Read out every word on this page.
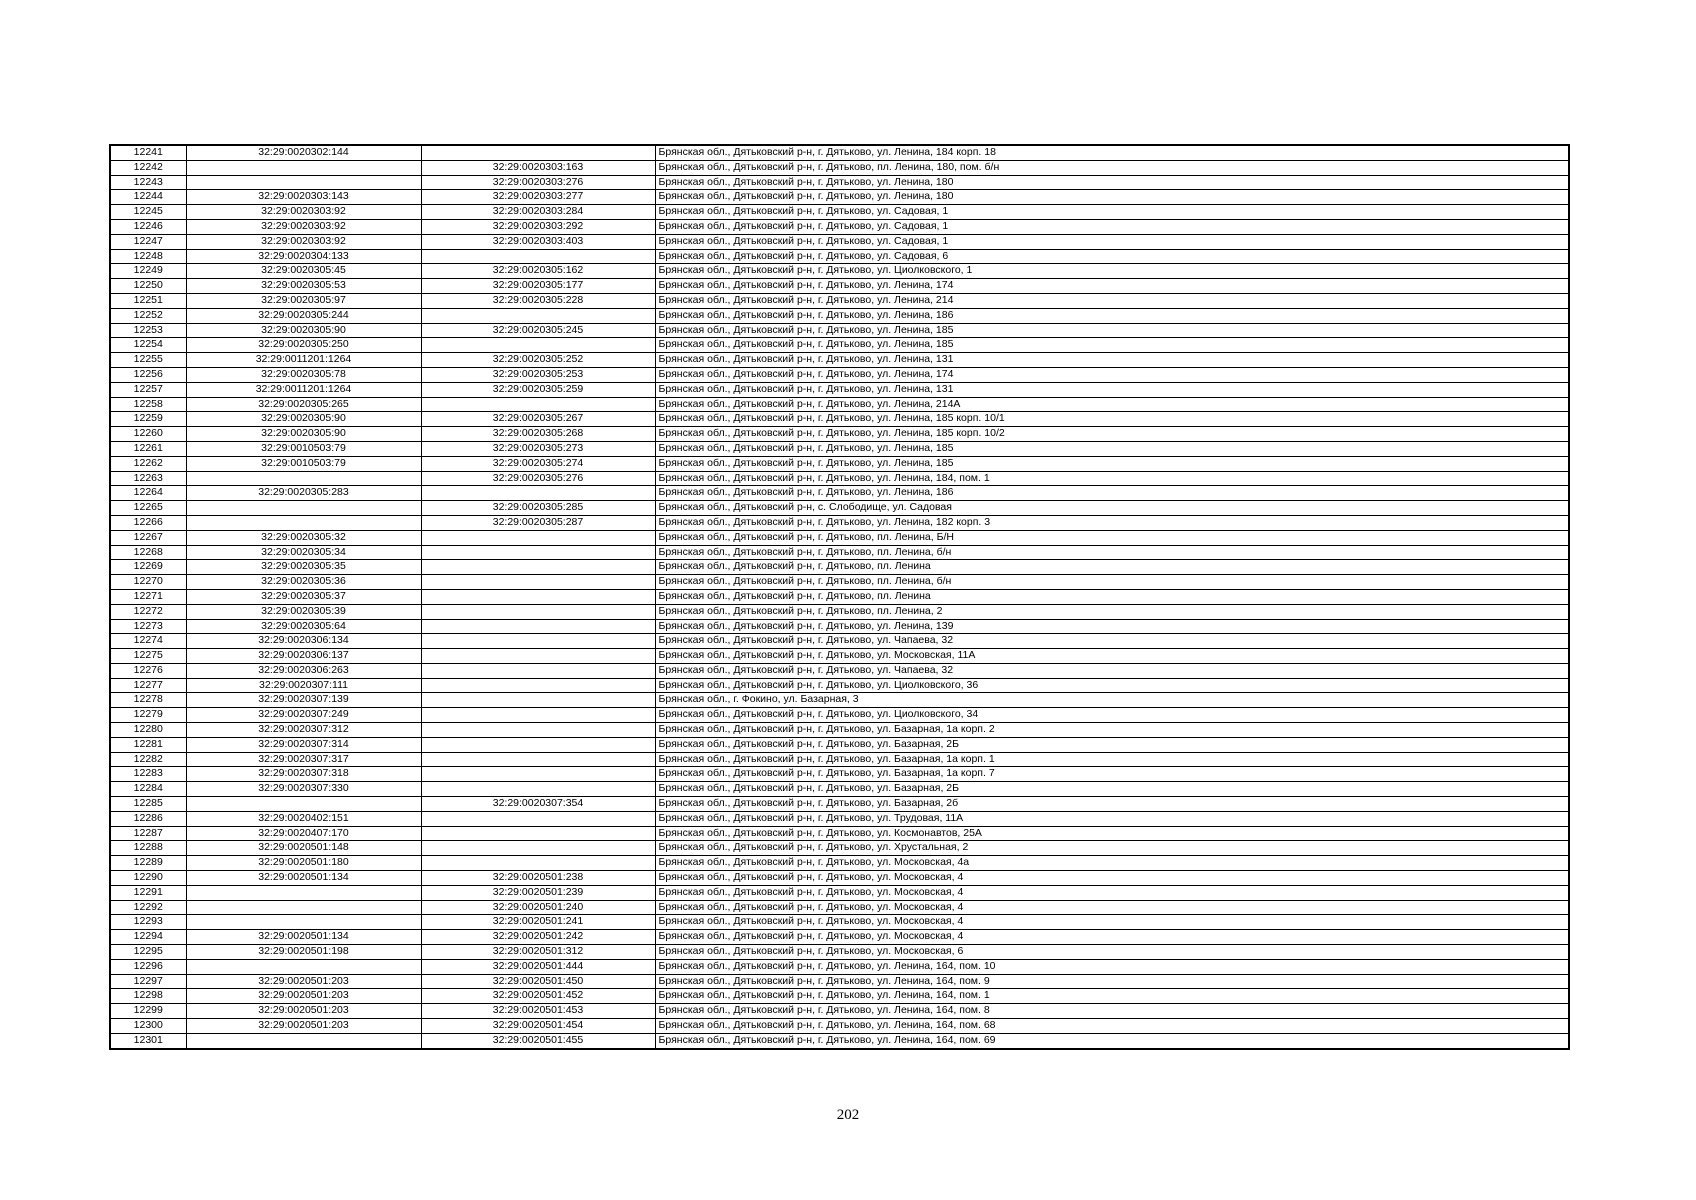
12241	32:29:0020302:144		Брянская обл., Дятьковский р-н, г. Дятьково, ул. Ленина, 184 корп. 18
12242		32:29:0020303:163	Брянская обл., Дятьковский р-н, г. Дятьково, пл. Ленина, 180, пом. б/н
12243		32:29:0020303:276	Брянская обл., Дятьковский р-н, г. Дятьково, ул. Ленина, 180
12244	32:29:0020303:143	32:29:0020303:277	Брянская обл., Дятьковский р-н, г. Дятьково, ул. Ленина, 180
12245	32:29:0020303:92	32:29:0020303:284	Брянская обл., Дятьковский р-н, г. Дятьково, ул. Садовая, 1
12246	32:29:0020303:92	32:29:0020303:292	Брянская обл., Дятьковский р-н, г. Дятьково, ул. Садовая, 1
12247	32:29:0020303:92	32:29:0020303:403	Брянская обл., Дятьковский р-н, г. Дятьково, ул. Садовая, 1
12248	32:29:0020304:133		Брянская обл., Дятьковский р-н, г. Дятьково, ул. Садовая, 6
12249	32:29:0020305:45	32:29:0020305:162	Брянская обл., Дятьковский р-н, г. Дятьково, ул. Циолковского, 1
12250	32:29:0020305:53	32:29:0020305:177	Брянская обл., Дятьковский р-н, г. Дятьково, ул. Ленина, 174
12251	32:29:0020305:97	32:29:0020305:228	Брянская обл., Дятьковский р-н, г. Дятьково, ул. Ленина, 214
12252	32:29:0020305:244		Брянская обл., Дятьковский р-н, г. Дятьково, ул. Ленина, 186
12253	32:29:0020305:90	32:29:0020305:245	Брянская обл., Дятьковский р-н, г. Дятьково, ул. Ленина, 185
12254	32:29:0020305:250		Брянская обл., Дятьковский р-н, г. Дятьково, ул. Ленина, 185
12255	32:29:0011201:1264	32:29:0020305:252	Брянская обл., Дятьковский р-н, г. Дятьково, ул. Ленина, 131
12256	32:29:0020305:78	32:29:0020305:253	Брянская обл., Дятьковский р-н, г. Дятьково, ул. Ленина, 174
12257	32:29:0011201:1264	32:29:0020305:259	Брянская обл., Дятьковский р-н, г. Дятьково, ул. Ленина, 131
12258	32:29:0020305:265		Брянская обл., Дятьковский р-н, г. Дятьково, ул. Ленина, 214А
12259	32:29:0020305:90	32:29:0020305:267	Брянская обл., Дятьковский р-н, г. Дятьково, ул. Ленина, 185 корп. 10/1
12260	32:29:0020305:90	32:29:0020305:268	Брянская обл., Дятьковский р-н, г. Дятьково, ул. Ленина, 185 корп. 10/2
12261	32:29:0010503:79	32:29:0020305:273	Брянская обл., Дятьковский р-н, г. Дятьково, ул. Ленина, 185
12262	32:29:0010503:79	32:29:0020305:274	Брянская обл., Дятьковский р-н, г. Дятьково, ул. Ленина, 185
12263		32:29:0020305:276	Брянская обл., Дятьковский р-н, г. Дятьково, ул. Ленина, 184, пом. 1
12264	32:29:0020305:283		Брянская обл., Дятьковский р-н, г. Дятьково, ул. Ленина, 186
12265		32:29:0020305:285	Брянская обл., Дятьковский р-н, с. Слободище, ул. Садовая
12266		32:29:0020305:287	Брянская обл., Дятьковский р-н, г. Дятьково, ул. Ленина, 182 корп. 3
12267	32:29:0020305:32		Брянская обл., Дятьковский р-н, г. Дятьково, пл. Ленина, Б/Н
12268	32:29:0020305:34		Брянская обл., Дятьковский р-н, г. Дятьково, пл. Ленина, б/н
12269	32:29:0020305:35		Брянская обл., Дятьковский р-н, г. Дятьково, пл. Ленина
12270	32:29:0020305:36		Брянская обл., Дятьковский р-н, г. Дятьково, пл. Ленина, б/н
12271	32:29:0020305:37		Брянская обл., Дятьковский р-н, г. Дятьково, пл. Ленина
12272	32:29:0020305:39		Брянская обл., Дятьковский р-н, г. Дятьково, пл. Ленина, 2
12273	32:29:0020305:64		Брянская обл., Дятьковский р-н, г. Дятьково, ул. Ленина, 139
12274	32:29:0020306:134		Брянская обл., Дятьковский р-н, г. Дятьково, ул. Чапаева, 32
12275	32:29:0020306:137		Брянская обл., Дятьковский р-н, г. Дятьково, ул. Московская, 11А
12276	32:29:0020306:263		Брянская обл., Дятьковский р-н, г. Дятьково, ул. Чапаева, 32
12277	32:29:0020307:111		Брянская обл., Дятьковский р-н, г. Дятьково, ул. Циолковского, 36
12278	32:29:0020307:139		Брянская обл., г. Фокино, ул. Базарная, 3
12279	32:29:0020307:249		Брянская обл., Дятьковский р-н, г. Дятьково, ул. Циолковского, 34
12280	32:29:0020307:312		Брянская обл., Дятьковский р-н, г. Дятьково, ул. Базарная, 1а корп. 2
12281	32:29:0020307:314		Брянская обл., Дятьковский р-н, г. Дятьково, ул. Базарная, 2Б
12282	32:29:0020307:317		Брянская обл., Дятьковский р-н, г. Дятьково, ул. Базарная, 1а корп. 1
12283	32:29:0020307:318		Брянская обл., Дятьковский р-н, г. Дятьково, ул. Базарная, 1а корп. 7
12284	32:29:0020307:330		Брянская обл., Дятьковский р-н, г. Дятьково, ул. Базарная, 2Б
12285		32:29:0020307:354	Брянская обл., Дятьковский р-н, г. Дятьково, ул. Базарная, 2б
12286	32:29:0020402:151		Брянская обл., Дятьковский р-н, г. Дятьково, ул. Трудовая, 11А
12287	32:29:0020407:170		Брянская обл., Дятьковский р-н, г. Дятьково, ул. Космонавтов, 25А
12288	32:29:0020501:148		Брянская обл., Дятьковский р-н, г. Дятьково, ул. Хрустальная, 2
12289	32:29:0020501:180		Брянская обл., Дятьковский р-н, г. Дятьково, ул. Московская, 4а
12290	32:29:0020501:134	32:29:0020501:238	Брянская обл., Дятьковский р-н, г. Дятьково, ул. Московская, 4
12291		32:29:0020501:239	Брянская обл., Дятьковский р-н, г. Дятьково, ул. Московская, 4
12292		32:29:0020501:240	Брянская обл., Дятьковский р-н, г. Дятьково, ул. Московская, 4
12293		32:29:0020501:241	Брянская обл., Дятьковский р-н, г. Дятьково, ул. Московская, 4
12294	32:29:0020501:134	32:29:0020501:242	Брянская обл., Дятьковский р-н, г. Дятьково, ул. Московская, 4
12295	32:29:0020501:198	32:29:0020501:312	Брянская обл., Дятьковский р-н, г. Дятьково, ул. Московская, 6
12296		32:29:0020501:444	Брянская обл., Дятьковский р-н, г. Дятьково, ул. Ленина, 164, пом. 10
12297	32:29:0020501:203	32:29:0020501:450	Брянская обл., Дятьковский р-н, г. Дятьково, ул. Ленина, 164, пом. 9
12298	32:29:0020501:203	32:29:0020501:452	Брянская обл., Дятьковский р-н, г. Дятьково, ул. Ленина, 164, пом. 1
12299	32:29:0020501:203	32:29:0020501:453	Брянская обл., Дятьковский р-н, г. Дятьково, ул. Ленина, 164, пом. 8
12300	32:29:0020501:203	32:29:0020501:454	Брянская обл., Дятьковский р-н, г. Дятьково, ул. Ленина, 164, пом. 68
12301		32:29:0020501:455	Брянская обл., Дятьковский р-н, г. Дятьково, ул. Ленина, 164, пом. 69
202
